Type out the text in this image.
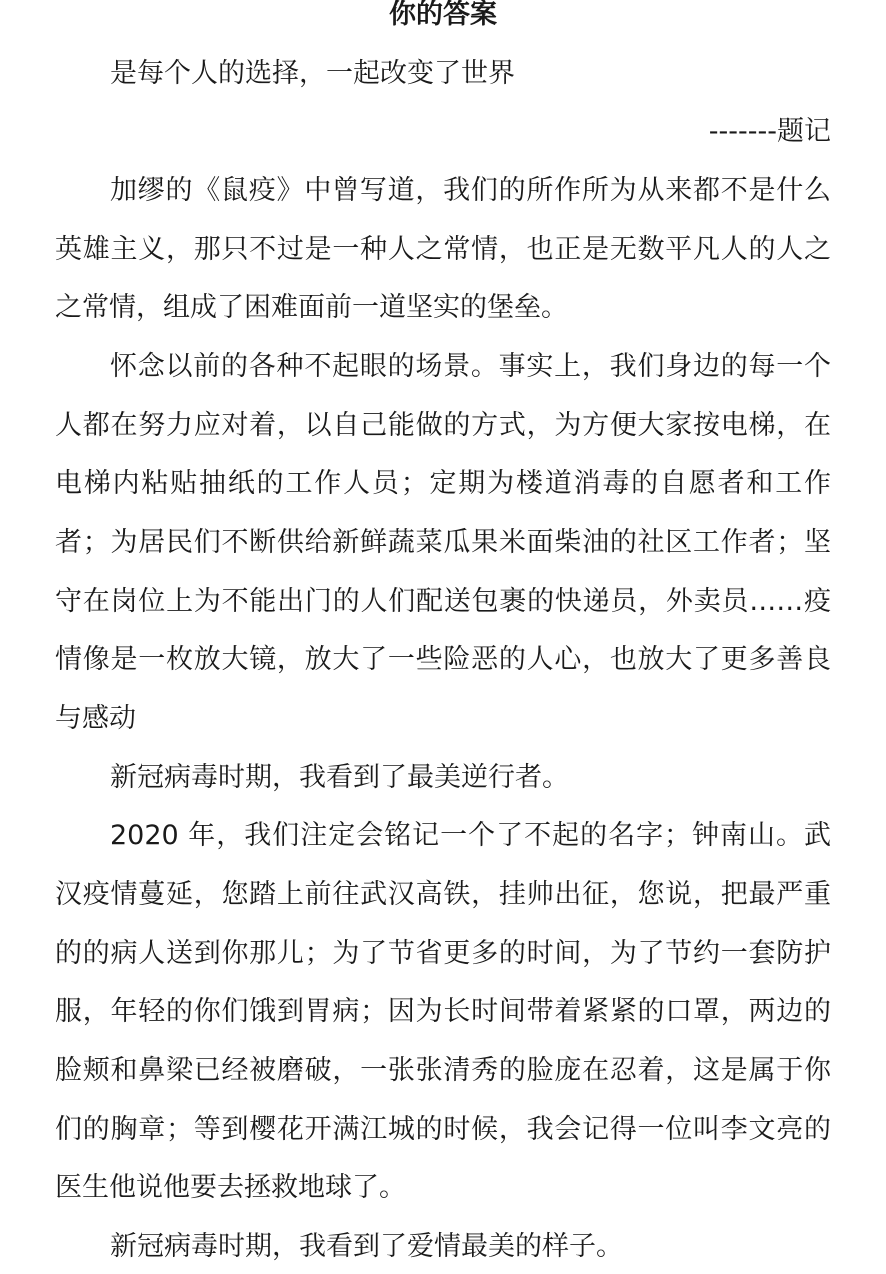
你的答案

是每个人的选择，一起改变了世界

-------题记

加缪的《鼠疫》中曾写道，我们的所作所为从来都不是什么

英雄主义，那只不过是一种人之常情，也正是无数平凡人的人之

之常情，组成了困难面前一道坚实的堡垒。

怀念以前的各种不起眼的场景。事实上，我们身边的每一个

人都在努力应对着，以自己能做的方式，为方便大家按电梯，在

电梯内粘贴抽纸的工作人员；定期为楼道消毒的自愿者和工作

者；为居民们不断供给新鲜蔬菜瓜果米面柴油的社区工作者；坚

守在岗位上为不能出门的人们配送包裹的快递员，外卖员……疫

情像是一枚放大镜，放大了一些险恶的人心，也放大了更多善良

与感动

新冠病毒时期，我看到了最美逆行者。

2020 年，我们注定会铭记一个了不起的名字；钟南山。武

汉疫情蔓延，您踏上前往武汉高铁，挂帅出征，您说，把最严重

的的病人送到你那儿；为了节省更多的时间，为了节约一套防护

服，年轻的你们饿到胃病；因为长时间带着紧紧的口罩，两边的

脸颊和鼻梁已经被磨破，一张张清秀的脸庞在忍着，这是属于你

们的胸章；等到樱花开满江城的时候，我会记得一位叫李文亮的

医生他说他要去拯救地球了。

新冠病毒时期，我看到了爱情最美的样子。
